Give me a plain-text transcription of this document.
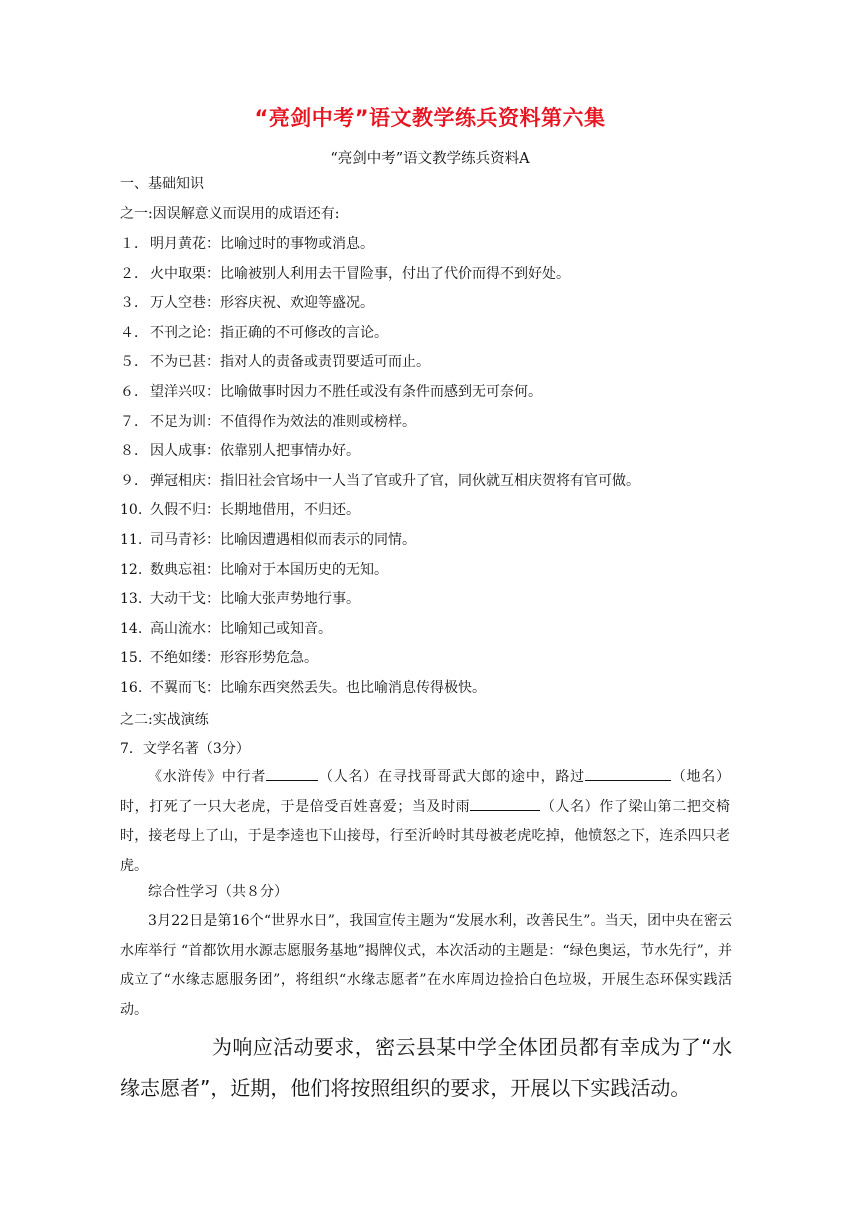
“亮剑中考”语文教学练兵资料第六集
“亮剑中考”语文教学练兵资料A
一、基础知识
之一:因误解意义而误用的成语还有:
１． 明月黄花：比喻过时的事物或消息。
２． 火中取栗：比喻被别人利用去干冒险事，付出了代价而得不到好处。
３． 万人空巷：形容庆祝、欢迎等盛况。
４． 不刊之论：指正确的不可修改的言论。
５． 不为已甚：指对人的责备或责罚要适可而止。
６． 望洋兴叹：比喻做事时因力不胜任或没有条件而感到无可奈何。
７． 不足为训：不值得作为效法的准则或榜样。
８． 因人成事：依靠别人把事情办好。
９． 弹冠相庆：指旧社会官场中一人当了官或升了官，同伙就互相庆贺将有官可做。
10. 久假不归：长期地借用，不归还。
11. 司马青衫：比喻因遭遇相似而表示的同情。
12. 数典忘祖：比喻对于本国历史的无知。
13. 大动干戈：比喻大张声势地行事。
14. 高山流水：比喻知己或知音。
15. 不绝如缕：形容形势危急。
16. 不翼而飞：比喻东西突然丢失。也比喻消息传得极快。
之二:实战演练
7．文学名著（3分）
《水浒传》中行者	（人名）在寻找哥哥武大郎的途中，路过	（地名）时，打死了一只大老虎，于是倍受百姓喜爱；当及时雨	（人名）作了梁山第二把交椅时，接老母上了山，于是李逵也下山接母，行至沂岭时其母被老虎吃掉，他愤怒之下，连杀四只老虎。
综合性学习（共８分）
3月22日是第16个“世界水日”，我国宣传主题为“发展水利，改善民生”。当天，团中央在密云水库举行 “首都饮用水源志愿服务基地”揭牌仪式，本次活动的主题是：“绿色奥运，节水先行”，并成立了“水缘志愿服务团”，将组织“水缘志愿者”在水库周边捡拾白色垃圾，开展生态环保实践活动。
为响应活动要求，密云县某中学全体团员都有幸成为了“水缘志愿者”，近期，他们将按照组织的要求，开展以下实践活动。
